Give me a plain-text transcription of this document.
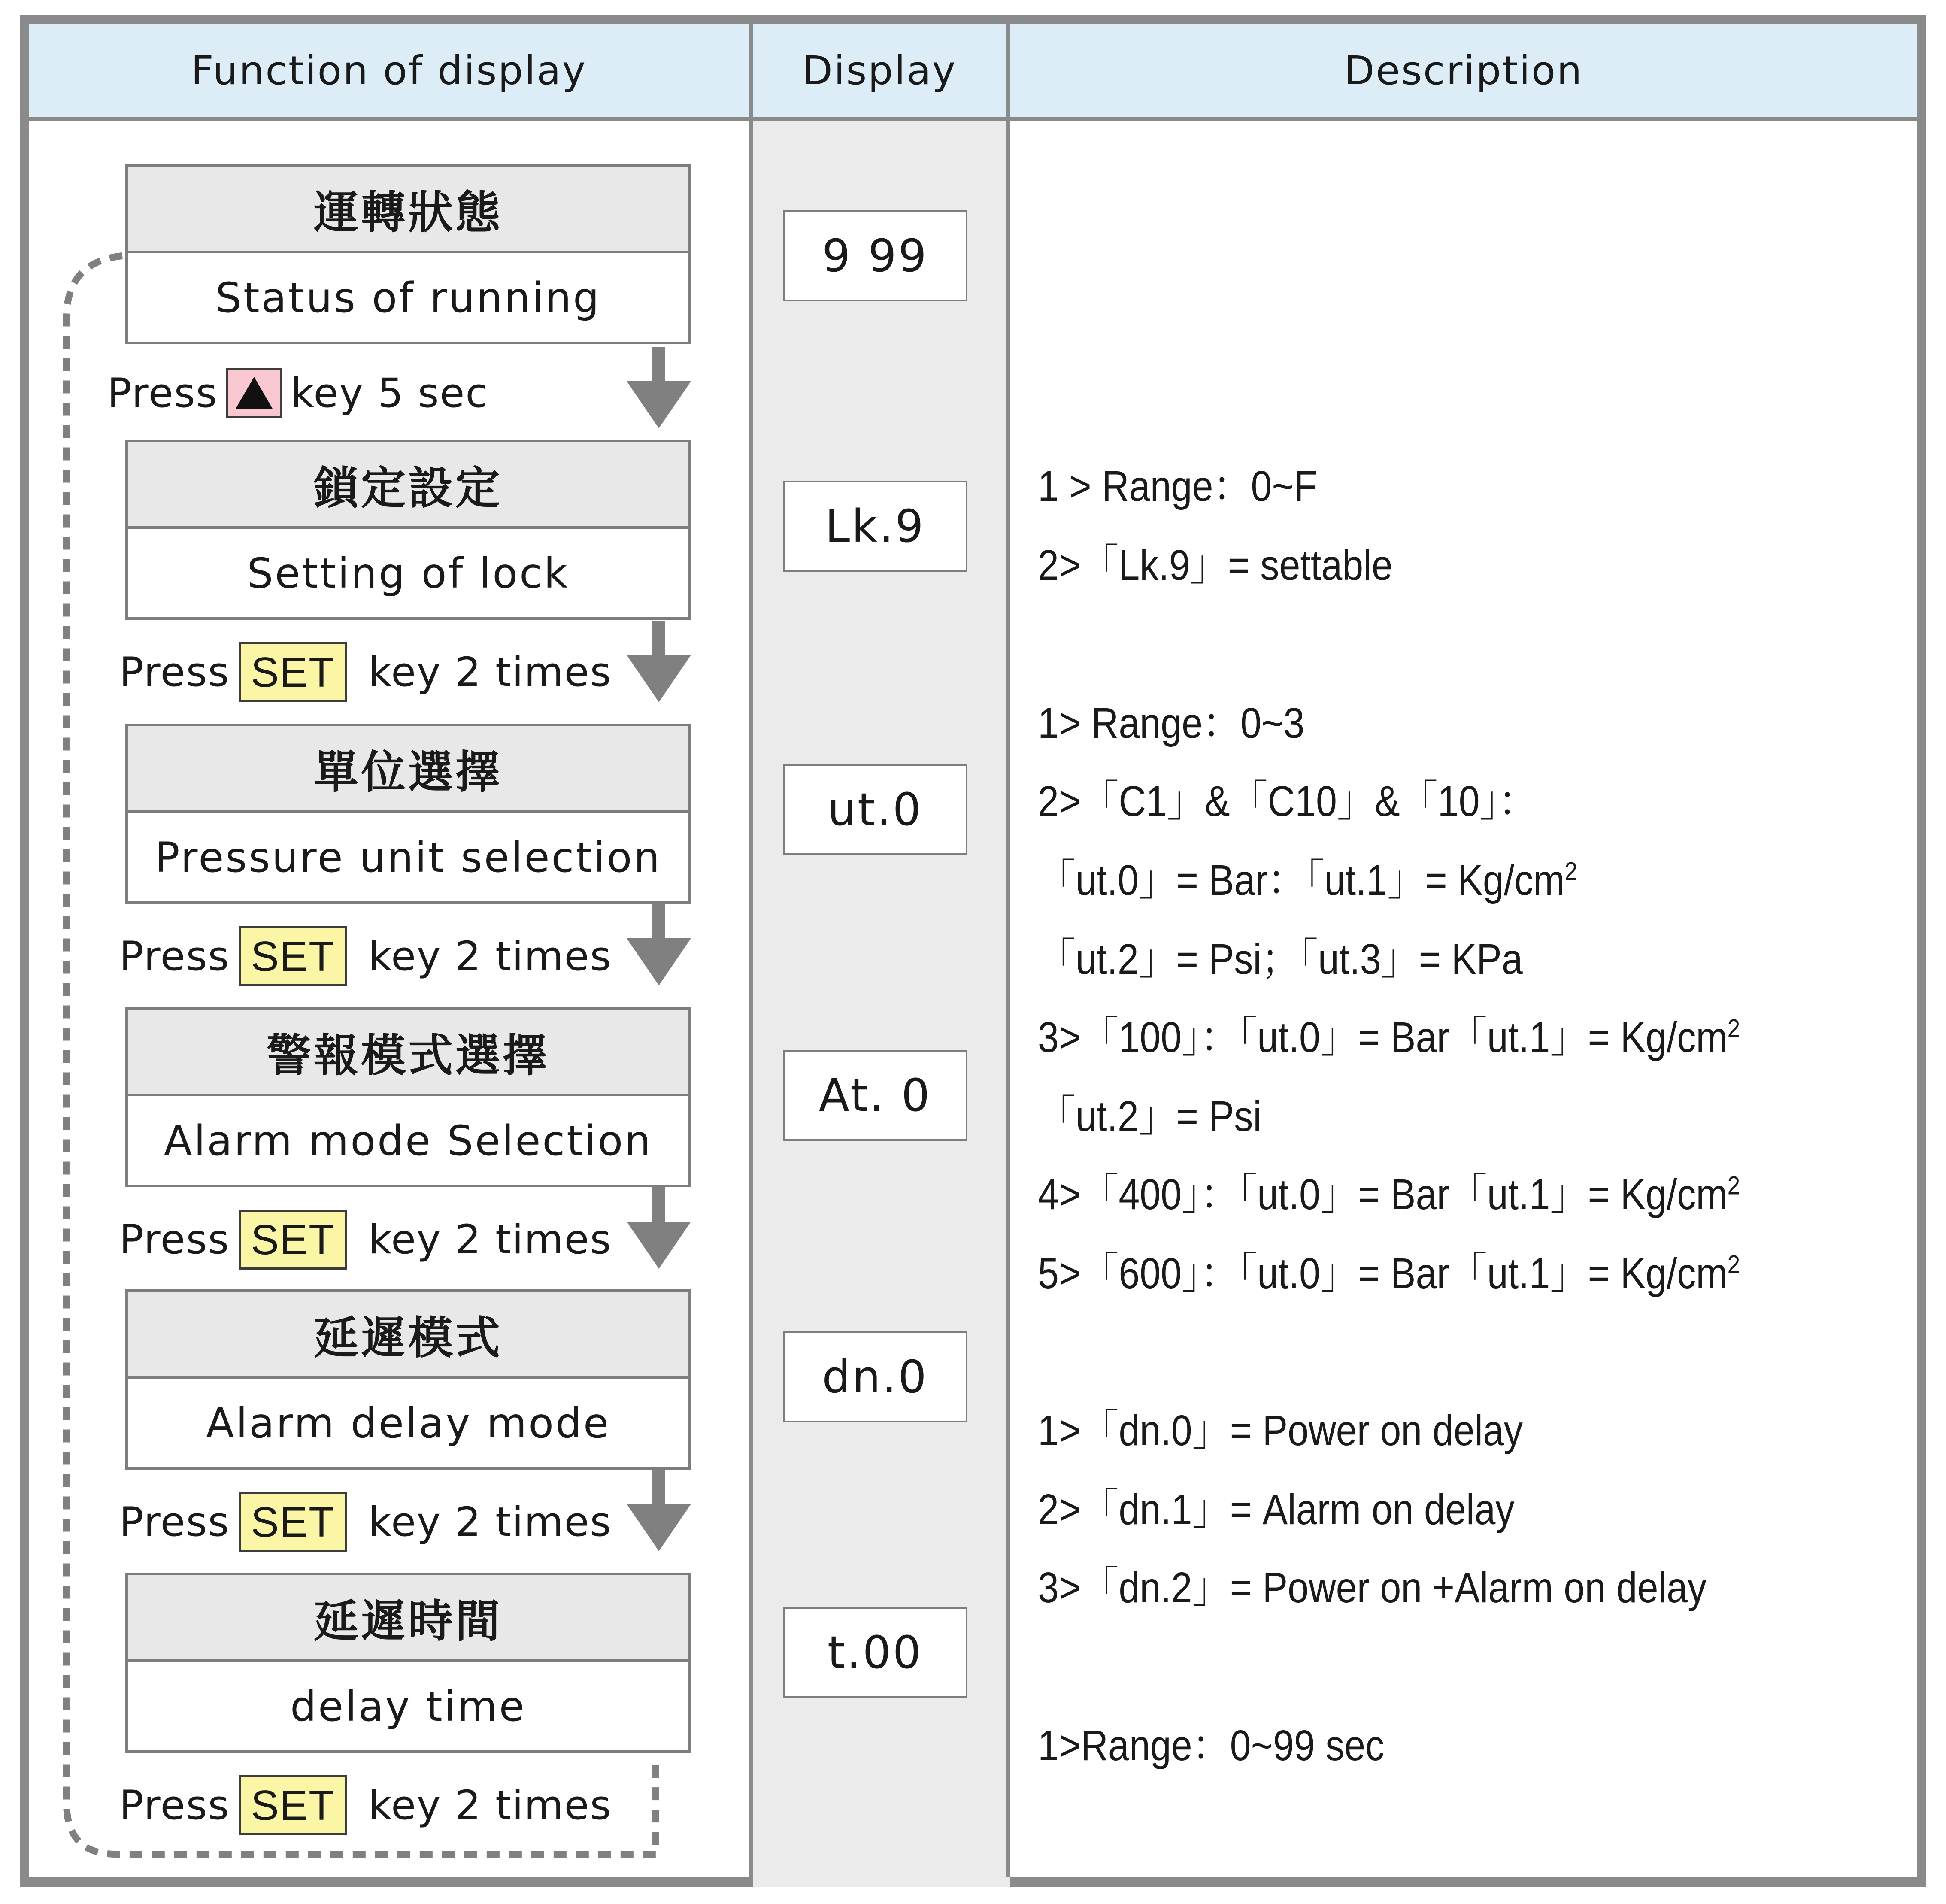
Function of display	Display	Description
運轉狀態
Status of running
鎖定設定
Setting of lock
單位選擇
Pressure unit selection
警報模式選擇
Alarm mode Selection
延遲模式
Alarm delay mode
延遲時間
delay time
Press key 5 sec
Press SET key 2 times
Press SET key 2 times
Press SET key 2 times
Press SET key 2 times
Press SET key 2 times
9 99
Lk.9
ut.0
At. 0
dn.0
t.00
1 > Range：0~F
2>「Lk.9」= settable
1> Range：0~3
2>「C1」&「C10」&「10」：
「ut.0」= Bar：「ut.1」= $Kg/cm^2$
「ut.2」= Psi；「ut.3」= KPa
3>「100」：「ut.0」= Bar「ut.1」= $Kg/cm^2$
「ut.2」= Psi
4>「400」：「ut.0」= Bar「ut.1」= $Kg/cm^2$
5>「600」：「ut.0」= Bar「ut.1」= $Kg/cm^2$
1>「dn.0」= Power on delay
2>「dn.1」= Alarm on delay
3>「dn.2」= Power on +Alarm on delay
1>Range：0~99 sec
